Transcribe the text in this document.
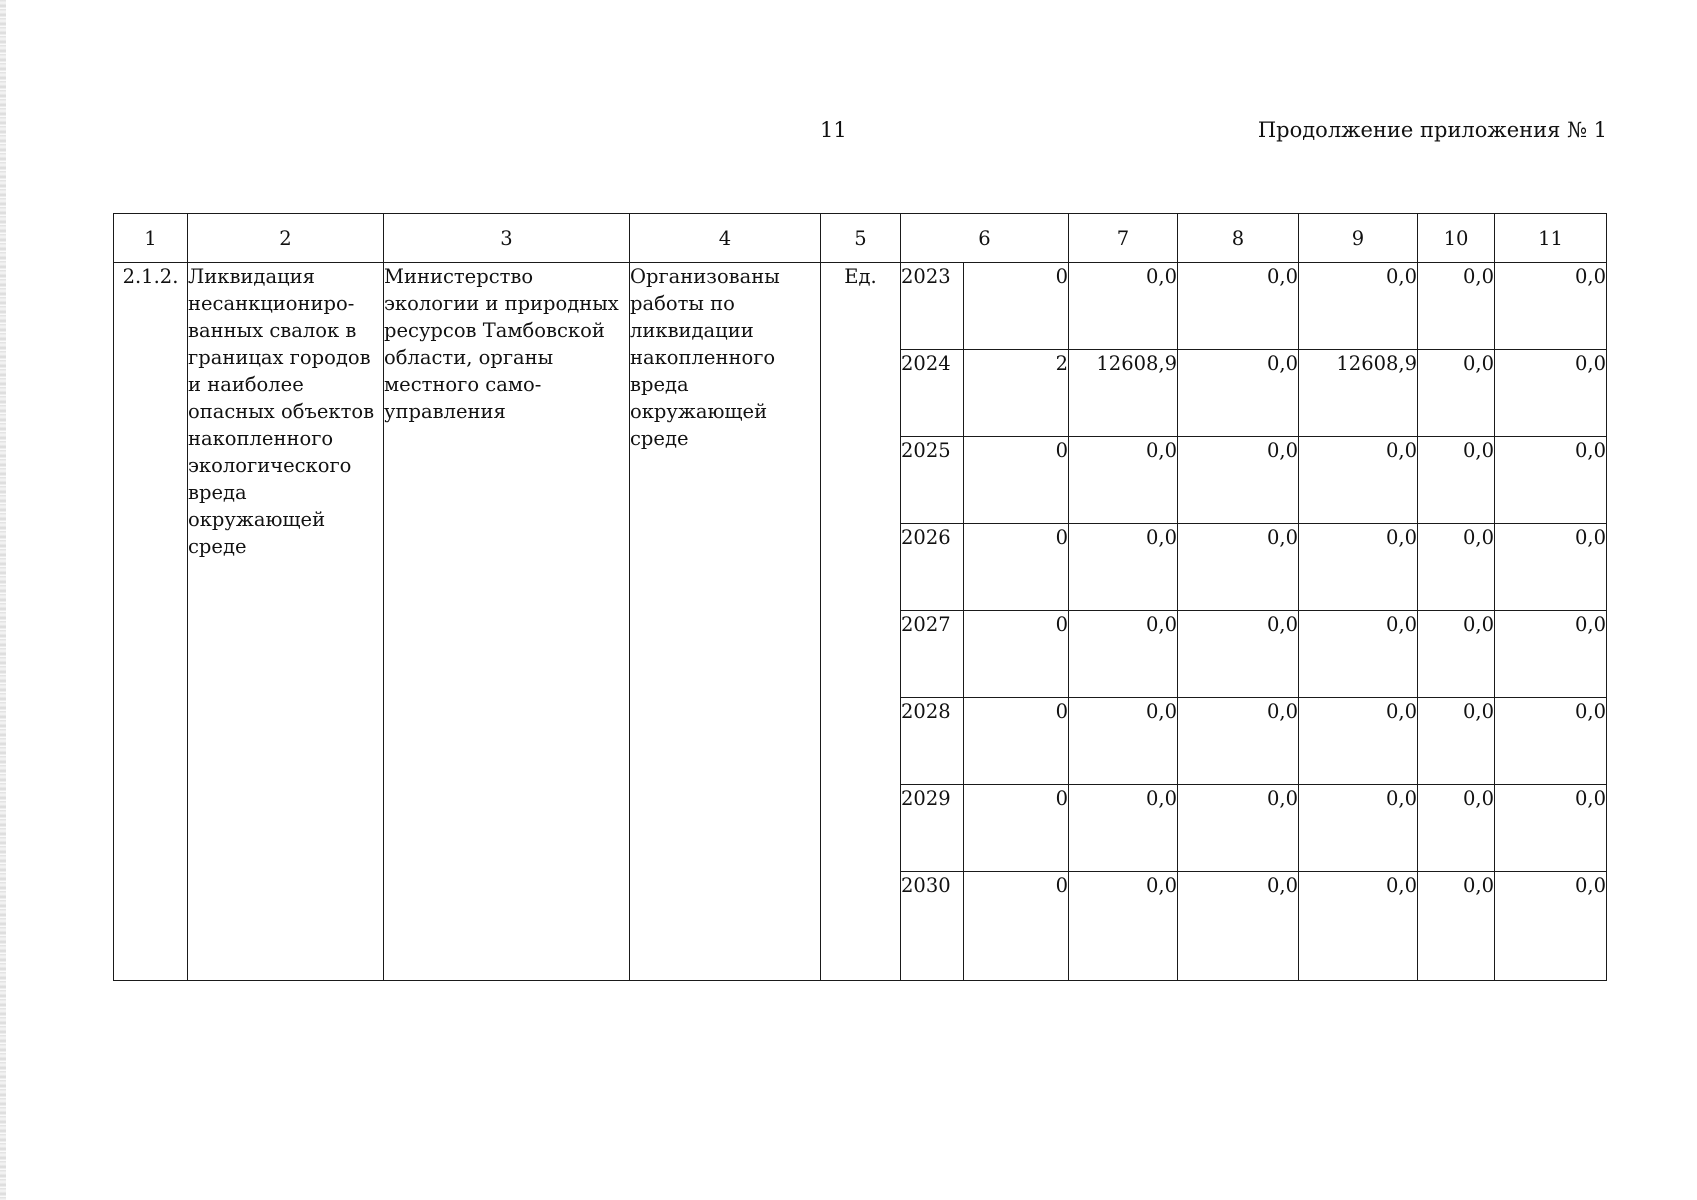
11	Продолжение приложения № 1
1	2	3	4	5	6		7	8	9	10	11
2.1.2.	Ликвидация несанкциониро-ванных свалок в границах городов и наиболее опасных объектов накопленного экологического вреда окружающей среде	Министерство экологии и природных ресурсов Тамбовской области, органы местного само-управления	Организованы работы по ликвидации накопленного вреда окружающей среде	Ед.	2023	0	0,0	0,0	0,0	0,0	0,0
					2024	2	12608,9	0,0	12608,9	0,0	0,0
					2025	0	0,0	0,0	0,0	0,0	0,0
					2026	0	0,0	0,0	0,0	0,0	0,0
					2027	0	0,0	0,0	0,0	0,0	0,0
					2028	0	0,0	0,0	0,0	0,0	0,0
					2029	0	0,0	0,0	0,0	0,0	0,0
					2030	0	0,0	0,0	0,0	0,0	0,0
